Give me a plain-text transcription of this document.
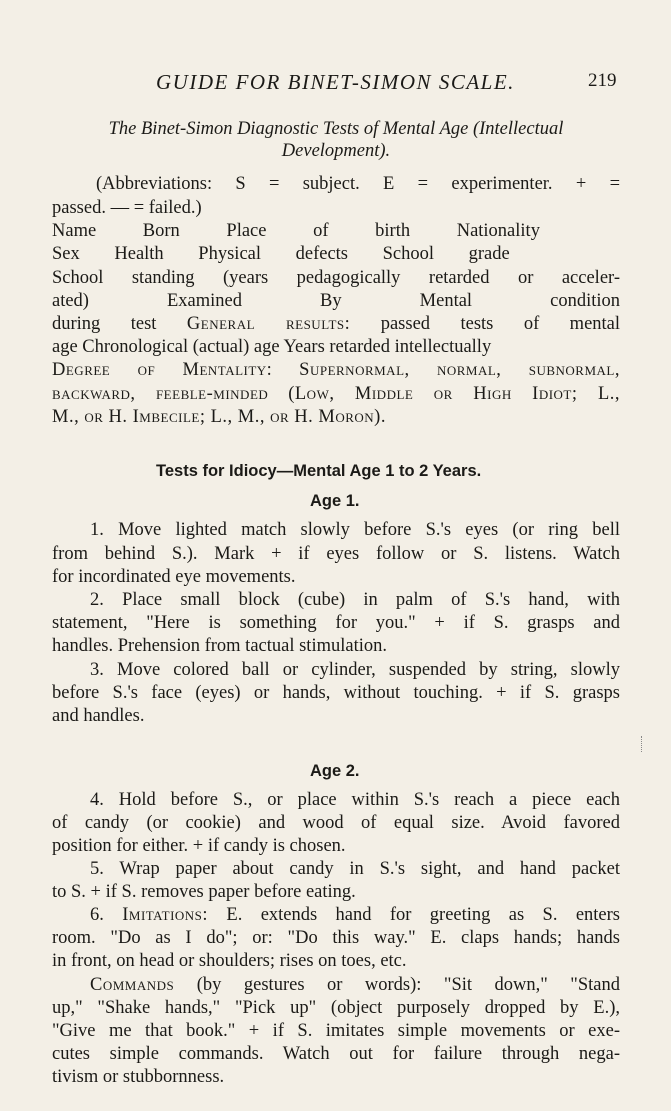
GUIDE FOR BINET-SIMON SCALE.	219
The Binet-Simon Diagnostic Tests of Mental Age (Intellectual
Development).
(Abbreviations: S = subject. E = experimenter. + =
passed. — = failed.)
Name Born Place of birth Nationality
Sex Health Physical defects School grade
School standing (years pedagogically retarded or acceler-
ated) Examined By Mental condition
during test General results: passed tests of mental
age Chronological (actual) age Years retarded intellectually
Degree of Mentality: Supernormal, normal, subnormal,
backward, feeble-minded (Low, Middle or High Idiot; L.,
M., or H. Imbecile; L., M., or H. Moron).
Tests for Idiocy—Mental Age 1 to 2 Years.
Age 1.
1. Move lighted match slowly before S.'s eyes (or ring bell
from behind S.). Mark + if eyes follow or S. listens. Watch
for incordinated eye movements.
2. Place small block (cube) in palm of S.'s hand, with
statement, "Here is something for you." + if S. grasps and
handles. Prehension from tactual stimulation.
3. Move colored ball or cylinder, suspended by string, slowly
before S.'s face (eyes) or hands, without touching. + if S. grasps
and handles.
Age 2.
4. Hold before S., or place within S.'s reach a piece each
of candy (or cookie) and wood of equal size. Avoid favored
position for either. + if candy is chosen.
5. Wrap paper about candy in S.'s sight, and hand packet
to S. + if S. removes paper before eating.
6. Imitations: E. extends hand for greeting as S. enters
room. "Do as I do"; or: "Do this way." E. claps hands; hands
in front, on head or shoulders; rises on toes, etc.
Commands (by gestures or words): "Sit down," "Stand
up," "Shake hands," "Pick up" (object purposely dropped by E.),
"Give me that book." + if S. imitates simple movements or exe-
cutes simple commands. Watch out for failure through nega-
tivism or stubbornness.
